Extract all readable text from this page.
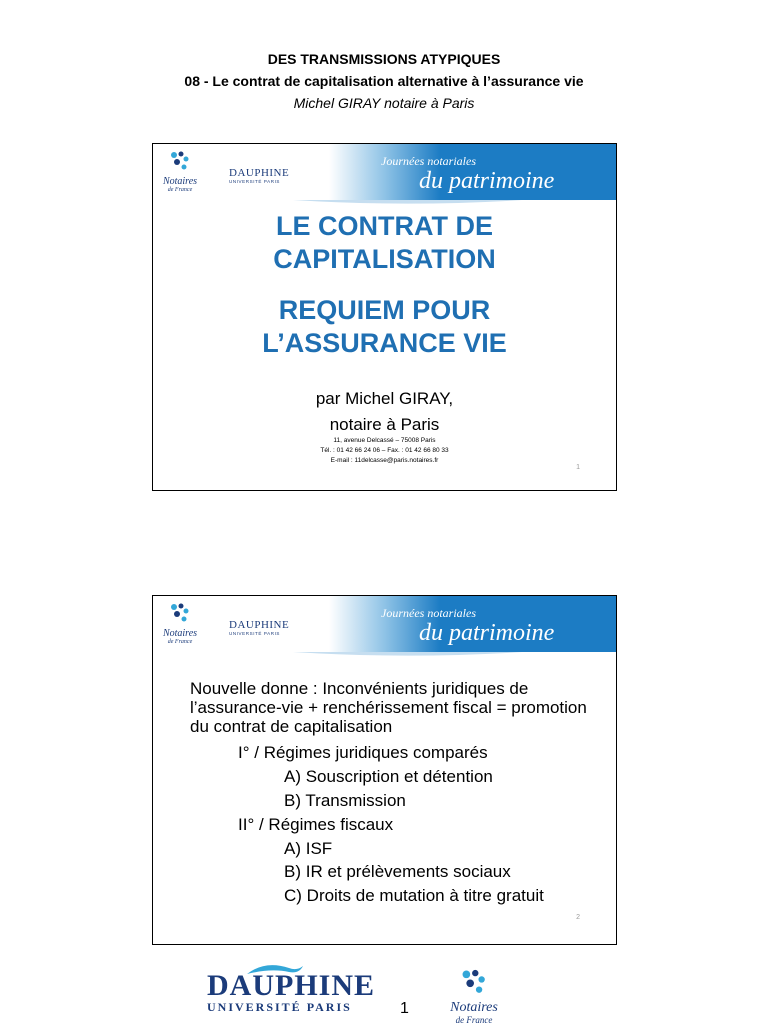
DES TRANSMISSIONS ATYPIQUES
08 - Le contrat de capitalisation alternative à l’assurance vie
Michel GIRAY notaire à Paris
Notaires
de France
DAUPHINE
UNIVERSITÉ PARIS
Journées notariales
du patrimoine
LE CONTRAT DE
CAPITALISATION
REQUIEM POUR
L’ASSURANCE VIE
par Michel GIRAY,
notaire à Paris
11, avenue Delcassé – 75008 Paris
Tél. : 01 42 66 24 06 – Fax. : 01 42 66 80 33
E-mail : 11delcasse@paris.notaires.fr
1
Notaires
de France
DAUPHINE
UNIVERSITÉ PARIS
Journées notariales
du patrimoine
Nouvelle donne : Inconvénients juridiques de l’assurance-vie + renchérissement fiscal = promotion du contrat de capitalisation
I° / Régimes juridiques comparés
A) Souscription et détention
B) Transmission
II° / Régimes fiscaux
A) ISF
B) IR et prélèvements sociaux
C) Droits de mutation à titre gratuit
2
DAUPHINE
UNIVERSITÉ PARIS	1	Notaires
de France
